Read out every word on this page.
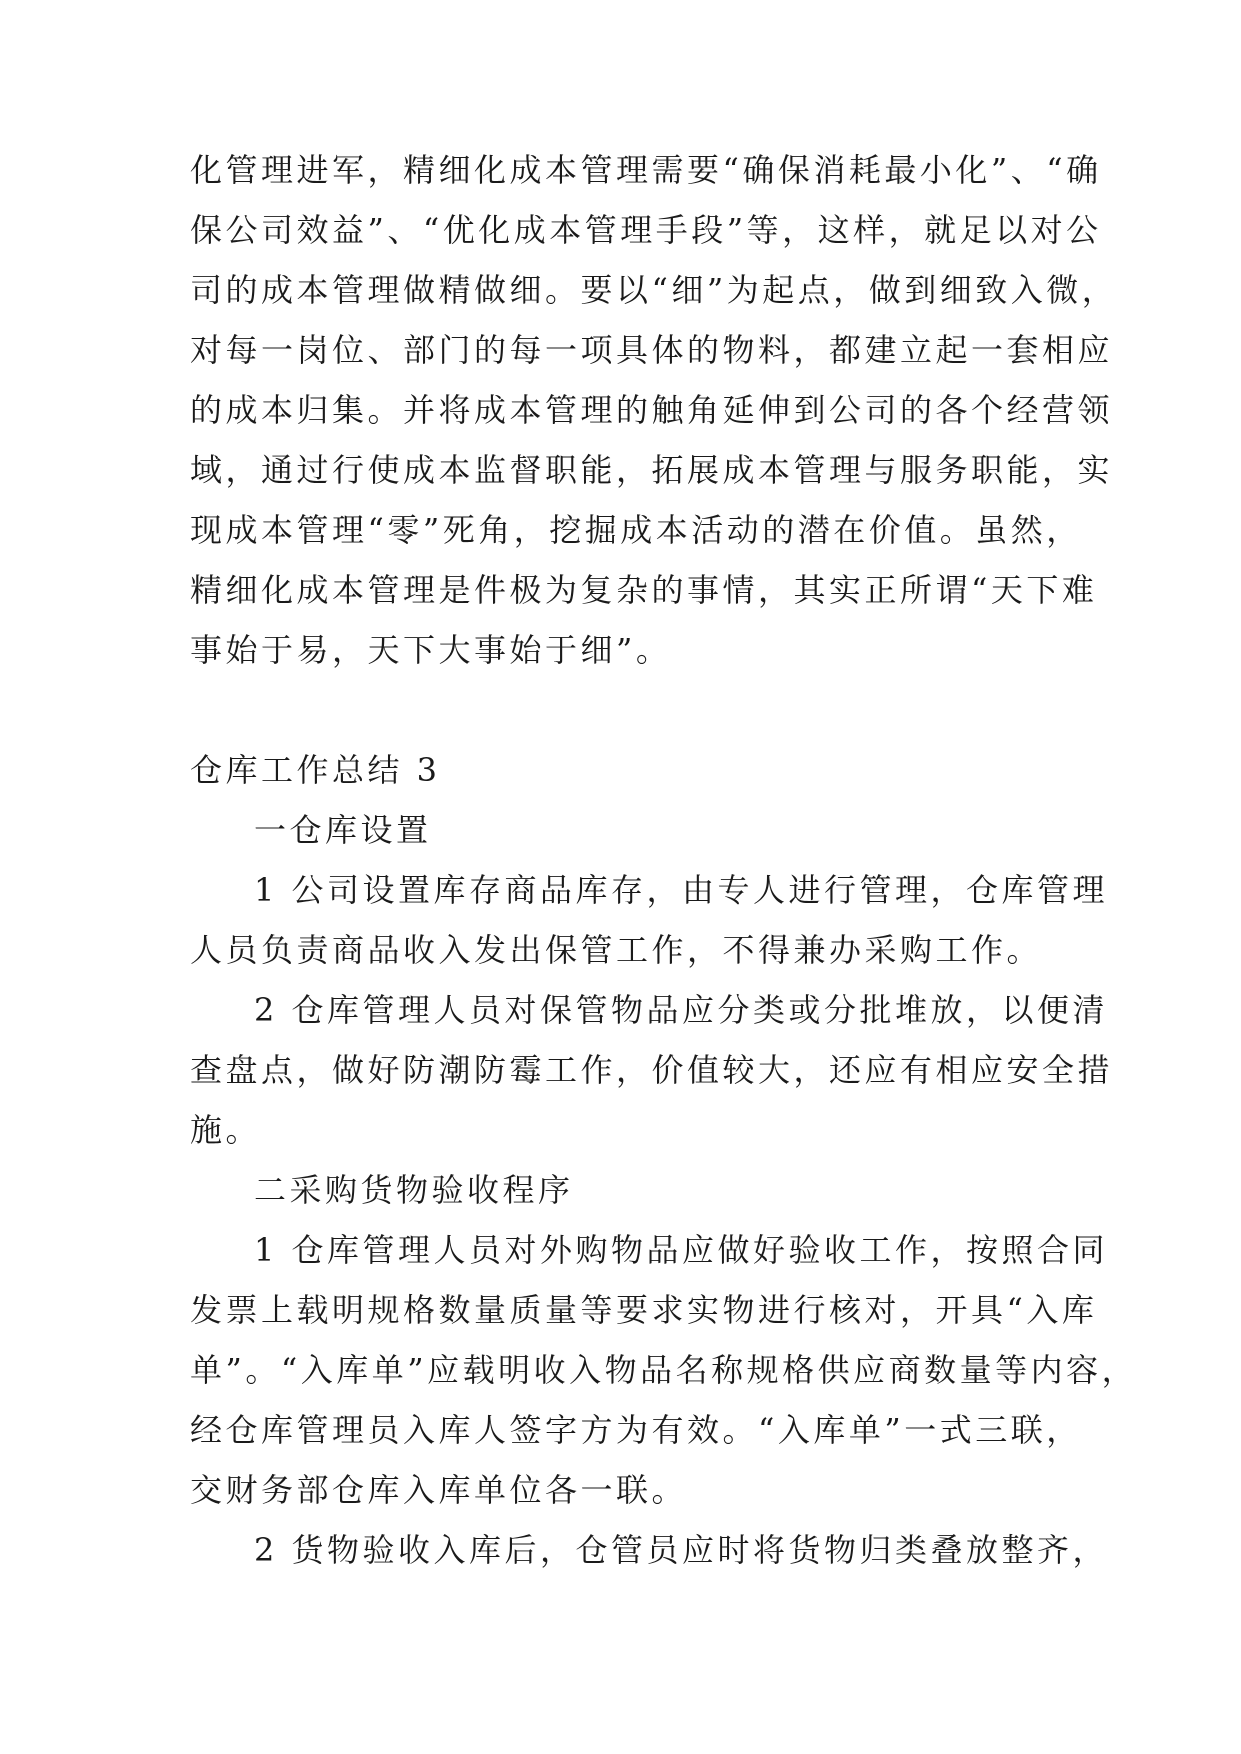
化管理进军，精细化成本管理需要“确保消耗最小化”、“确
保公司效益”、“优化成本管理手段”等，这样，就足以对公
司的成本管理做精做细。要以“细”为起点，做到细致入微，
对每一岗位、部门的每一项具体的物料，都建立起一套相应
的成本归集。并将成本管理的触角延伸到公司的各个经营领
域，通过行使成本监督职能，拓展成本管理与服务职能，实
现成本管理“零”死角，挖掘成本活动的潜在价值。虽然，
精细化成本管理是件极为复杂的事情，其实正所谓“天下难
事始于易，天下大事始于细”。
仓库工作总结 3
一仓库设置
1 公司设置库存商品库存，由专人进行管理，仓库管理
人员负责商品收入发出保管工作，不得兼办采购工作。
2 仓库管理人员对保管物品应分类或分批堆放，以便清
查盘点，做好防潮防霉工作，价值较大，还应有相应安全措
施。
二采购货物验收程序
1 仓库管理人员对外购物品应做好验收工作，按照合同
发票上载明规格数量质量等要求实物进行核对，开具“入库
单”。“入库单”应载明收入物品名称规格供应商数量等内容，
经仓库管理员入库人签字方为有效。“入库单”一式三联，
交财务部仓库入库单位各一联。
2 货物验收入库后，仓管员应时将货物归类叠放整齐，
